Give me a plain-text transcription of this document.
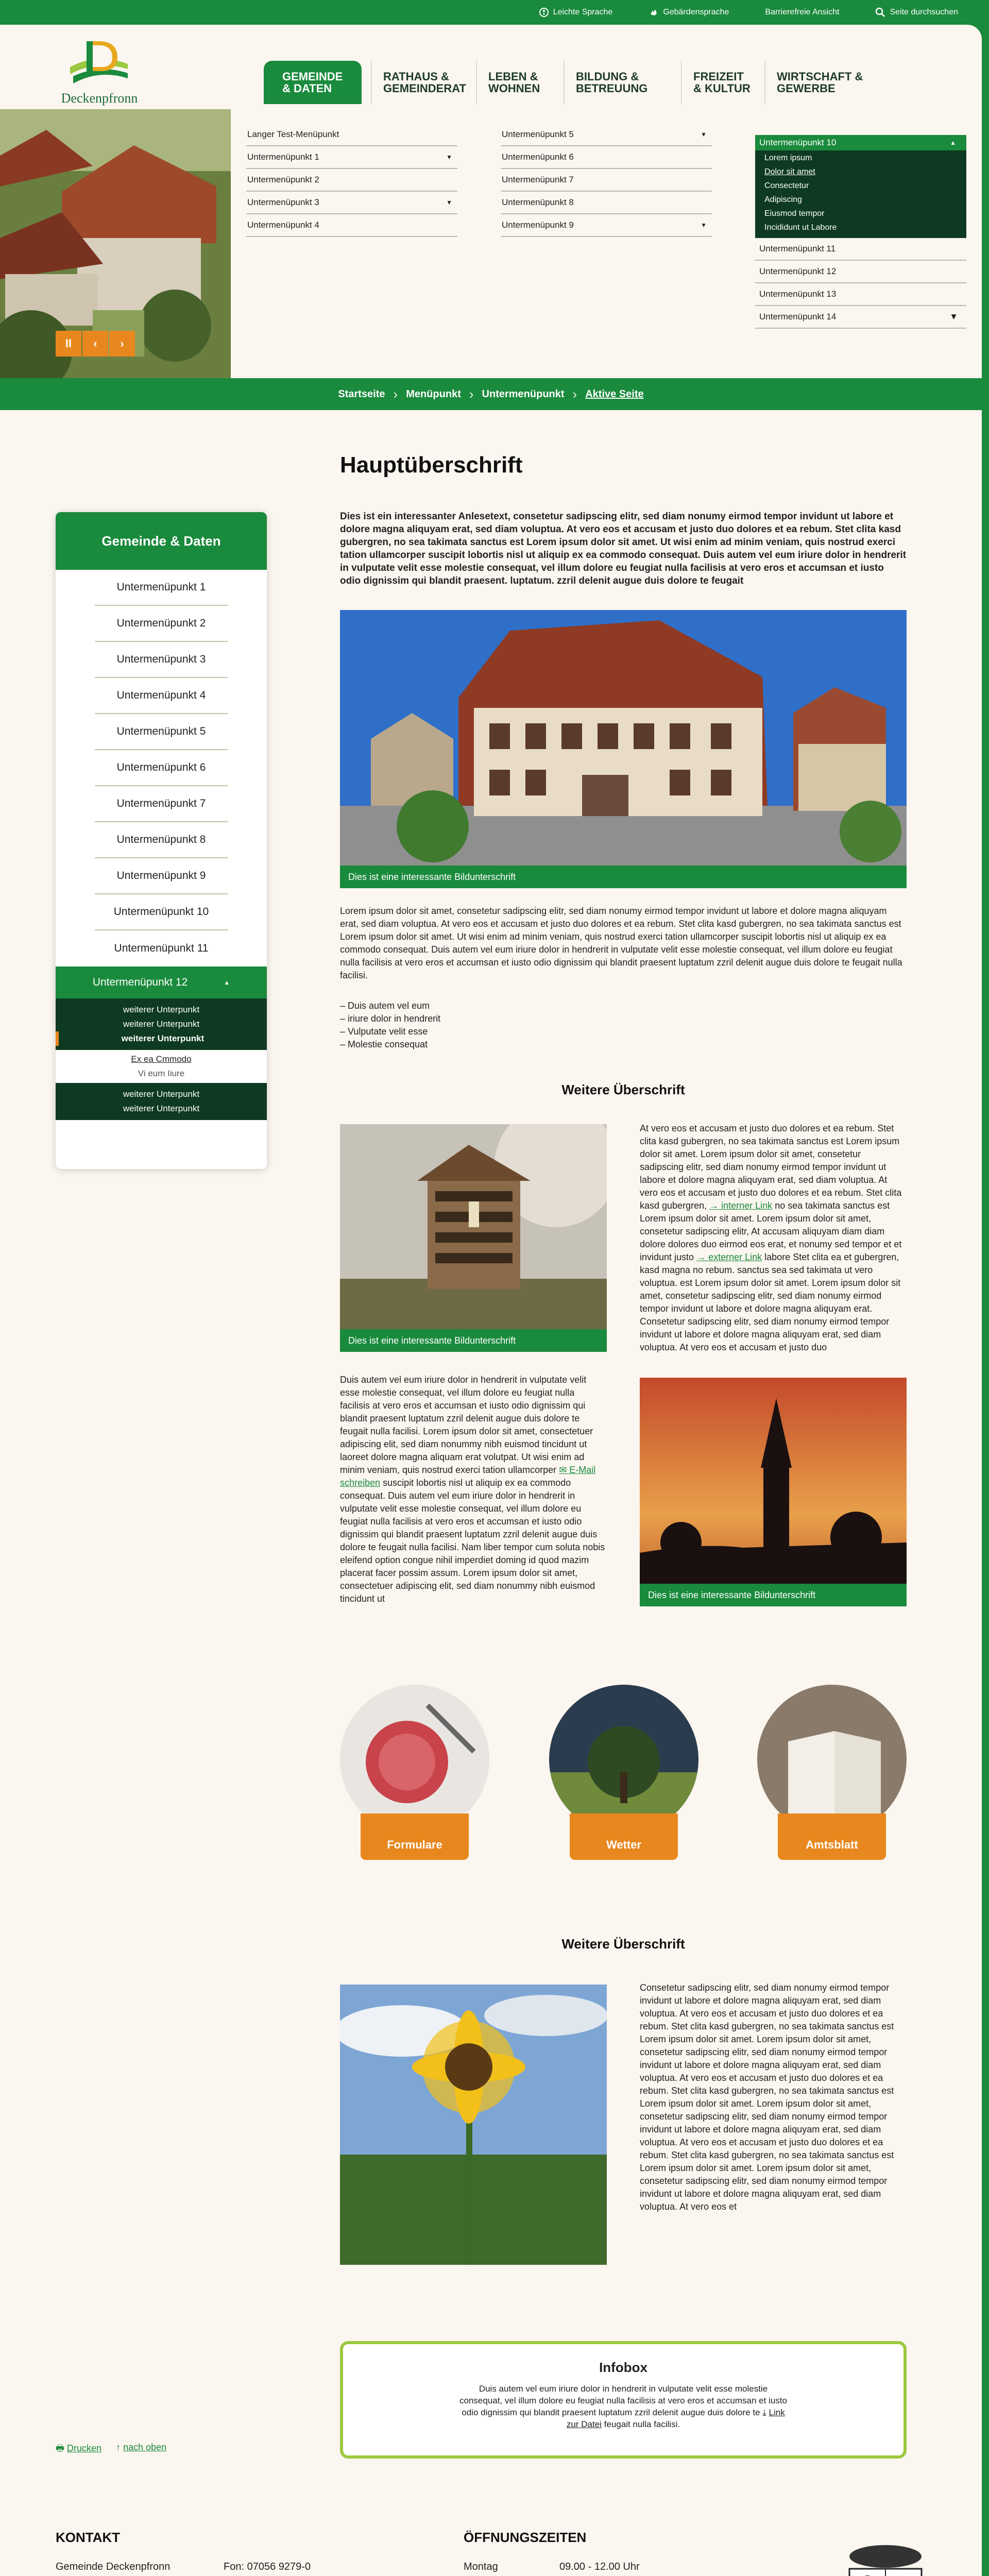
Leichte Sprache	Gebärdensprache	Barrierefreie Ansicht	Seite durchsuchen
Deckenpfronn
GEMEINDE & DATEN
RATHAUS & GEMEINDERAT
LEBEN & WOHNEN
BILDUNG & BETREUUNG
FREIZEIT & KULTUR
WIRTSCHAFT & GEWERBE
II	‹	›
Langer Test-Menüpunkt
Untermenüpunkt 1	▼
Untermenüpunkt 2
Untermenüpunkt 3	▼
Untermenüpunkt 4
Untermenüpunkt 5	▼
Untermenüpunkt 6
Untermenüpunkt 7
Untermenüpunkt 8
Untermenüpunkt 9	▼
Untermenüpunkt 10	▲
Lorem ipsum
Dolor sit amet
Consectetur
Adipiscing
Eiusmod tempor
Incididunt ut Labore
Untermenüpunkt 11
Untermenüpunkt 12
Untermenüpunkt 13
Untermenüpunkt 14	▼
Startseite › Menüpunkt › Untermenüpunkt › Aktive Seite
Hauptüberschrift
Dies ist ein interessanter Anlesetext, consetetur sadipscing elitr, sed diam nonumy eirmod tempor invidunt ut labore et dolore magna aliquyam erat, sed diam voluptua. At vero eos et accusam et justo duo dolores et ea rebum. Stet clita kasd gubergren, no sea takimata sanctus est Lorem ipsum dolor sit amet. Ut wisi enim ad minim veniam, quis nostrud exerci tation ullamcorper suscipit lobortis nisl ut aliquip ex ea commodo consequat. Duis autem vel eum iriure dolor in hendrerit in vulputate velit esse molestie consequat, vel illum dolore eu feugiat nulla facilisis at vero eros et accumsan et iusto odio dignissim qui blandit praesent. luptatum. zzril delenit augue duis dolore te feugait
Gemeinde & Daten
Untermenüpunkt 1
Untermenüpunkt 2
Untermenüpunkt 3
Untermenüpunkt 4
Untermenüpunkt 5
Untermenüpunkt 6
Untermenüpunkt 7
Untermenüpunkt 8
Untermenüpunkt 9
Untermenüpunkt 10
Untermenüpunkt 11
Untermenüpunkt 12	▲
weiterer Unterpunkt
weiterer Unterpunkt
weiterer Unterpunkt
Ex ea Cmmodo
Vi eum Iiure
weiterer Unterpunkt
weiterer Unterpunkt
Dies ist eine interessante Bildunterschrift
Lorem ipsum dolor sit amet, consetetur sadipscing elitr, sed diam nonumy eirmod tempor invidunt ut labore et dolore magna aliquyam erat, sed diam voluptua. At vero eos et accusam et justo duo dolores et ea rebum. Stet clita kasd gubergren, no sea takimata sanctus est Lorem ipsum dolor sit amet. Ut wisi enim ad minim veniam, quis nostrud exerci tation ullamcorper suscipit lobortis nisl ut aliquip ex ea commodo consequat. Duis autem vel eum iriure dolor in hendrerit in vulputate velit esse molestie consequat, vel illum dolore eu feugiat nulla facilisis at vero eros et accumsan et iusto odio dignissim qui blandit praesent luptatum zzril delenit augue duis dolore te feugait nulla facilisi.
– Duis autem vel eum
– iriure dolor in hendrerit
– Vulputate velit esse
– Molestie consequat
Weitere Überschrift
Dies ist eine interessante Bildunterschrift
At vero eos et accusam et justo duo dolores et ea rebum. Stet clita kasd gubergren, no sea takimata sanctus est Lorem ipsum dolor sit amet. Lorem ipsum dolor sit amet, consetetur sadipscing elitr, sed diam nonumy eirmod tempor invidunt ut labore et dolore magna aliquyam erat, sed diam voluptua. At vero eos et accusam et justo duo dolores et ea rebum. Stet clita kasd gubergren, → interner Link no sea takimata sanctus est Lorem ipsum dolor sit amet. Lorem ipsum dolor sit amet, consetetur sadipscing elitr, At accusam aliquyam diam diam dolore dolores duo eirmod eos erat, et nonumy sed tempor et et invidunt justo → externer Link labore Stet clita ea et gubergren, kasd magna no rebum. sanctus sea sed takimata ut vero voluptua. est Lorem ipsum dolor sit amet. Lorem ipsum dolor sit amet, consetetur sadipscing elitr, sed diam nonumy eirmod tempor invidunt ut labore et dolore magna aliquyam erat. Consetetur sadipscing elitr, sed diam nonumy eirmod tempor invidunt ut labore et dolore magna aliquyam erat, sed diam voluptua. At vero eos et accusam et justo duo
Duis autem vel eum iriure dolor in hendrerit in vulputate velit esse molestie consequat, vel illum dolore eu feugiat nulla facilisis at vero eros et accumsan et iusto odio dignissim qui blandit praesent luptatum zzril delenit augue duis dolore te feugait nulla facilisi. Lorem ipsum dolor sit amet, consectetuer adipiscing elit, sed diam nonummy nibh euismod tincidunt ut laoreet dolore magna aliquam erat volutpat. Ut wisi enim ad minim veniam, quis nostrud exerci tation ullamcorper ✉ E-Mail schreiben suscipit lobortis nisl ut aliquip ex ea commodo consequat. Duis autem vel eum iriure dolor in hendrerit in vulputate velit esse molestie consequat, vel illum dolore eu feugiat nulla facilisis at vero eros et accumsan et iusto odio dignissim qui blandit praesent luptatum zzril delenit augue duis dolore te feugait nulla facilisi. Nam liber tempor cum soluta nobis eleifend option congue nihil imperdiet doming id quod mazim placerat facer possim assum. Lorem ipsum dolor sit amet, consectetuer adipiscing elit, sed diam nonummy nibh euismod tincidunt ut	Dies ist eine interessante Bildunterschrift
Formulare	Wetter	Amtsblatt
Weitere Überschrift
Consetetur sadipscing elitr, sed diam nonumy eirmod tempor invidunt ut labore et dolore magna aliquyam erat, sed diam voluptua. At vero eos et accusam et justo duo dolores et ea rebum. Stet clita kasd gubergren, no sea takimata sanctus est Lorem ipsum dolor sit amet. Lorem ipsum dolor sit amet, consetetur sadipscing elitr, sed diam nonumy eirmod tempor invidunt ut labore et dolore magna aliquyam erat, sed diam voluptua. At vero eos et accusam et justo duo dolores et ea rebum. Stet clita kasd gubergren, no sea takimata sanctus est Lorem ipsum dolor sit amet. Lorem ipsum dolor sit amet, consetetur sadipscing elitr, sed diam nonumy eirmod tempor invidunt ut labore et dolore magna aliquyam erat, sed diam voluptua. At vero eos et accusam et justo duo dolores et ea rebum. Stet clita kasd gubergren, no sea takimata sanctus est Lorem ipsum dolor sit amet. Lorem ipsum dolor sit amet, consetetur sadipscing elitr, sed diam nonumy eirmod tempor invidunt ut labore et dolore magna aliquyam erat, sed diam voluptua. At vero eos et
Infobox
Duis autem vel eum iriure dolor in hendrerit in vulputate velit esse molestie consequat, vel illum dolore eu feugiat nulla facilisis at vero eros et accumsan et iusto odio dignissim qui blandit praesent luptatum zzril delenit augue duis dolore te ⤓ Link zur Datei feugait nulla facilisi.
🖶 Drucken ↑ nach oben
KONTAKT
Gemeinde Deckenpfronn	Fon: 07056 9279-0
ÖFFNUNGSZEITEN
Montag	09.00 - 12.00 Uhr
